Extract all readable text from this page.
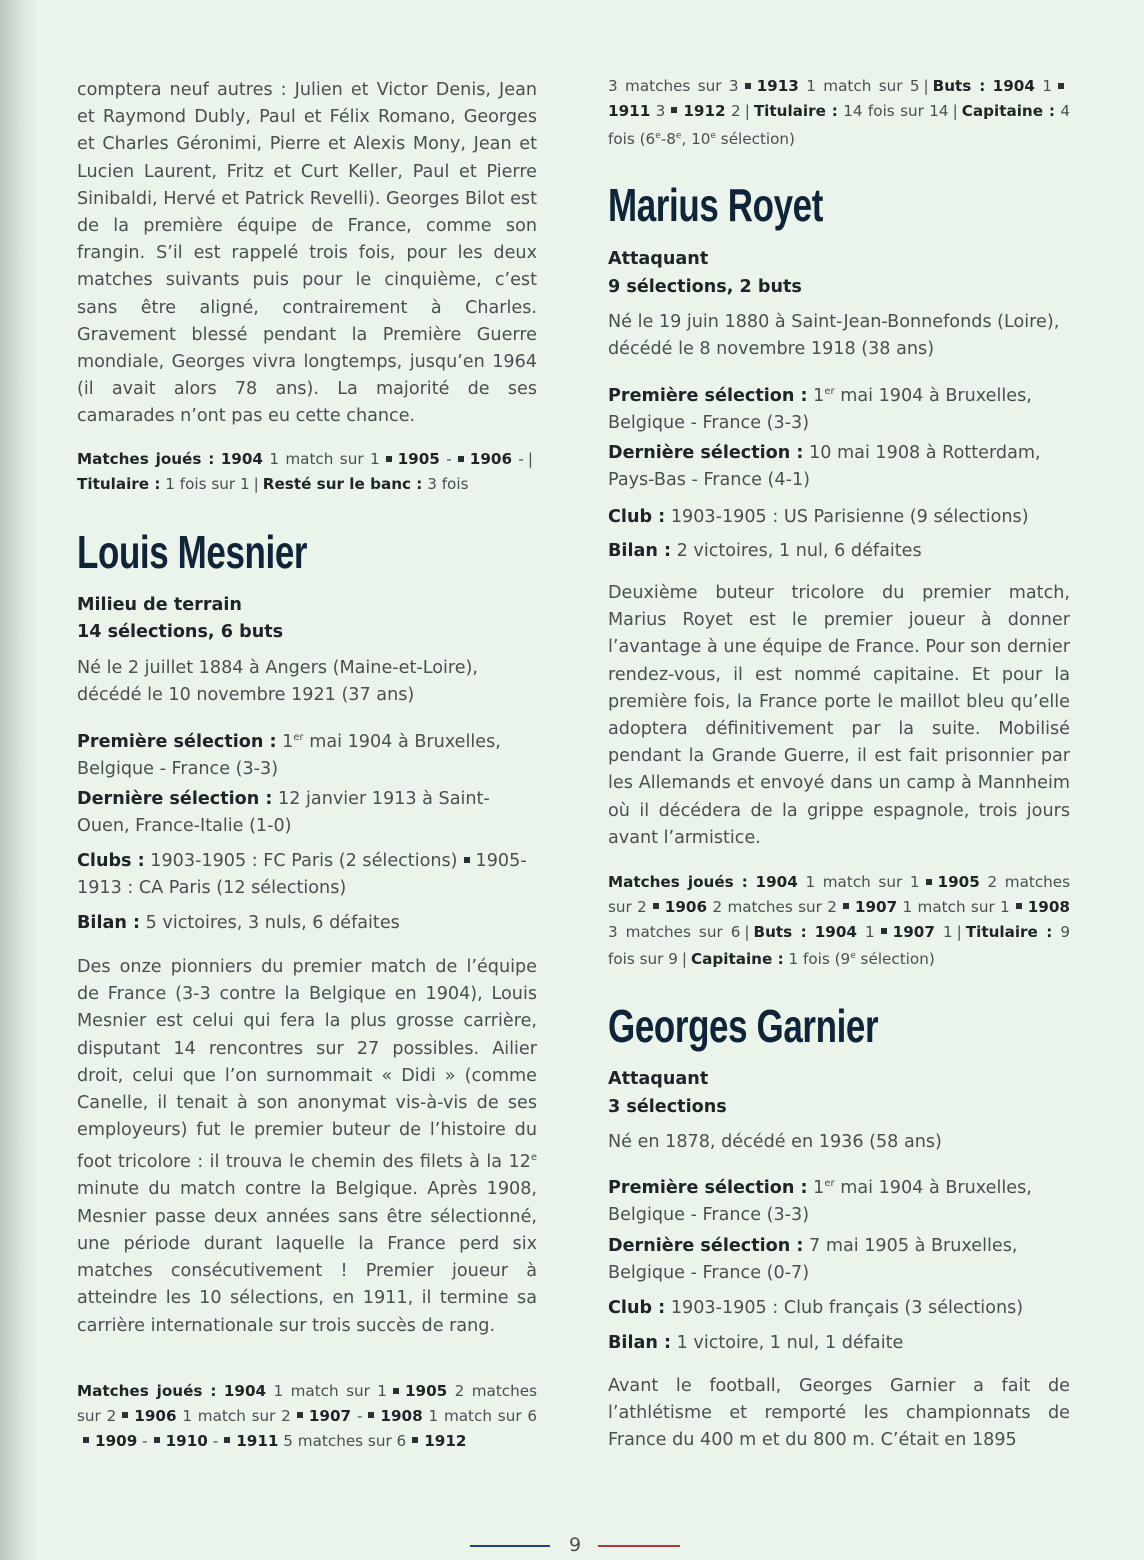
comptera neuf autres : Julien et Victor Denis, Jean et Raymond Dubly, Paul et Félix Romano, Georges et Charles Géronimi, Pierre et Alexis Mony, Jean et Lucien Laurent, Fritz et Curt Keller, Paul et Pierre Sinibaldi, Hervé et Patrick Revelli). Georges Bilot est de la première équipe de France, comme son frangin. S’il est rappelé trois fois, pour les deux matches suivants puis pour le cinquième, c’est sans être aligné, contrairement à Charles. Gravement blessé pendant la Première Guerre mondiale, Georges vivra longtemps, jusqu’en 1964 (il avait alors 78 ans). La majorité de ses camarades n’ont pas eu cette chance.

Matches joués : 1904 1 match sur 1 1905 - 1906 - |Titulaire : 1 fois sur 1 | Resté sur le banc : 3 fois

Louis Mesnier

Milieu de terrain

14 sélections, 6 buts

Né le 2 juillet 1884 à Angers (Maine-et-Loire), décédé le 10 novembre 1921 (37 ans)

Première sélection : 1er mai 1904 à Bruxelles, Belgique - France (3-3)

Dernière sélection : 12 janvier 1913 à Saint-Ouen, France-Italie (1-0)

Clubs : 1903-1905 : FC Paris (2 sélections) 1905-1913 : CA Paris (12 sélections)

Bilan : 5 victoires, 3 nuls, 6 défaites

Des onze pionniers du premier match de l’équipe de France (3-3 contre la Belgique en 1904), Louis Mesnier est celui qui fera la plus grosse carrière, disputant 14 rencontres sur 27 possibles. Ailier droit, celui que l’on surnommait « Didi » (comme Canelle, il tenait à son anonymat vis-à-vis de ses employeurs) fut le premier buteur de l’histoire du foot tricolore : il trouva le chemin des filets à la 12e minute du match contre la Belgique. Après 1908, Mesnier passe deux années sans être sélectionné, une période durant laquelle la France perd six matches consécutivement ! Premier joueur à atteindre les 10 sélections, en 1911, il termine sa carrière internationale sur trois succès de rang.

Matches joués : 1904 1 match sur 1 1905 2 matches sur 2 1906 1 match sur 2 1907 - 1908 1 match sur 61909 - 1910 - 1911 5 matches sur 6 1912

3 matches sur 3 1913 1 match sur 5 | Buts : 1904 11911 3 1912 2 | Titulaire : 14 fois sur 14 | Capitaine : 4 fois (6e-8e, 10e sélection)

Marius Royet

Attaquant

9 sélections, 2 buts

Né le 19 juin 1880 à Saint-Jean-Bonnefonds (Loire), décédé le 8 novembre 1918 (38 ans)

Première sélection : 1er mai 1904 à Bruxelles, Belgique - France (3-3)

Dernière sélection : 10 mai 1908 à Rotterdam, Pays-Bas - France (4-1)

Club : 1903-1905 : US Parisienne (9 sélections)

Bilan : 2 victoires, 1 nul, 6 défaites

Deuxième buteur tricolore du premier match, Marius Royet est le premier joueur à donner l’avantage à une équipe de France. Pour son dernier rendez-vous, il est nommé capitaine. Et pour la première fois, la France porte le maillot bleu qu’elle adoptera définitivement par la suite. Mobilisé pendant la Grande Guerre, il est fait prisonnier par les Allemands et envoyé dans un camp à Mannheim où il décédera de la grippe espagnole, trois jours avant l’armistice.

Matches joués : 1904 1 match sur 1 1905 2 matches sur 2 1906 2 matches sur 2 1907 1 match sur 1 1908 3 matches sur 6 | Buts : 1904 1 1907 1 | Titulaire : 9 fois sur 9 | Capitaine : 1 fois (9e sélection)

Georges Garnier

Attaquant

3 sélections

Né en 1878, décédé en 1936 (58 ans)

Première sélection : 1er mai 1904 à Bruxelles, Belgique - France (3-3)

Dernière sélection : 7 mai 1905 à Bruxelles, Belgique - France (0-7)

Club : 1903-1905 : Club français (3 sélections)

Bilan : 1 victoire, 1 nul, 1 défaite

Avant le football, Georges Garnier a fait de l’athlétisme et remporté les championnats de France du 400 m et du 800 m. C’était en 1895

9
